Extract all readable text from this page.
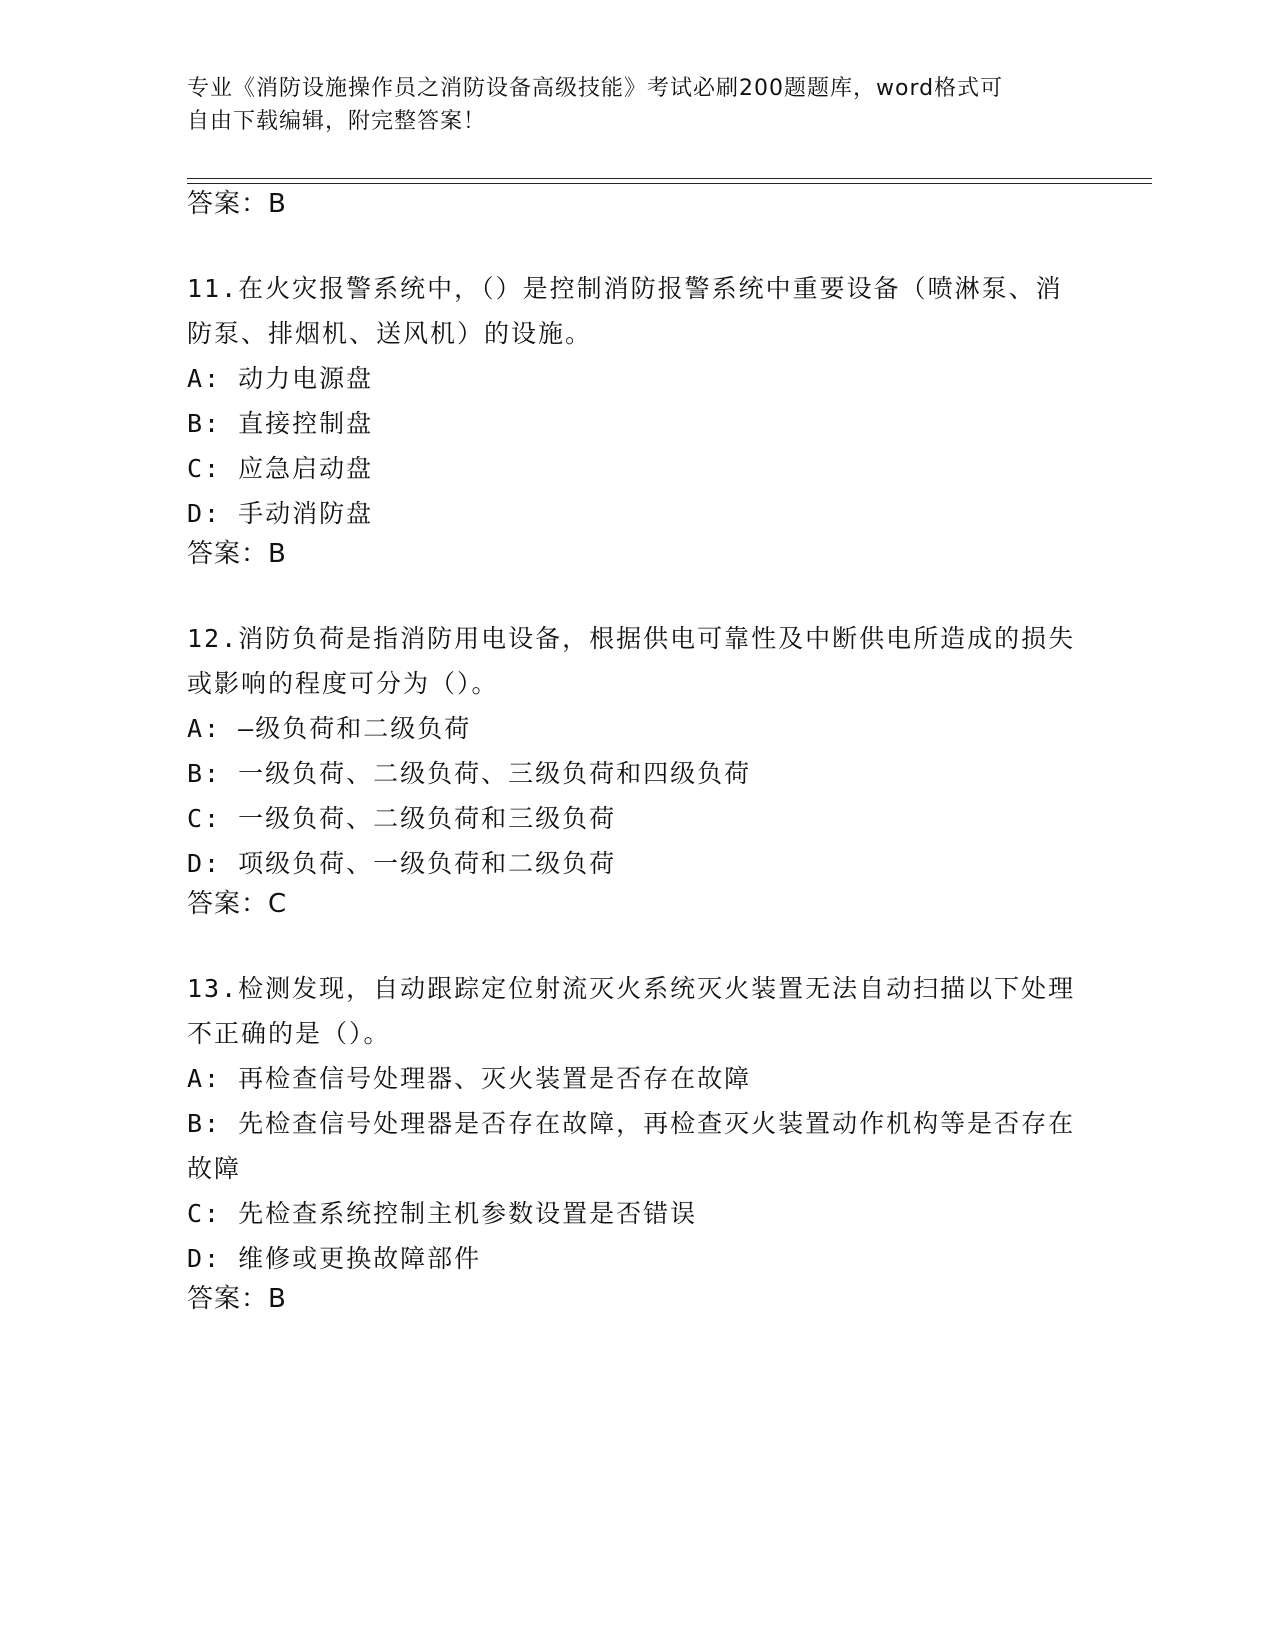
专业《消防设施操作员之消防设备高级技能》考试必刷200题题库，word格式可
自由下载编辑，附完整答案！
答案：B
11.在火灾报警系统中，（）是控制消防报警系统中重要设备（喷淋泵、消防泵、排烟机、送风机）的设施。
A: 动力电源盘
B: 直接控制盘
C: 应急启动盘
D: 手动消防盘
答案：B
12.消防负荷是指消防用电设备，根据供电可靠性及中断供电所造成的损失或影响的程度可分为（）。
A: —级负荷和二级负荷
B: 一级负荷、二级负荷、三级负荷和四级负荷
C: 一级负荷、二级负荷和三级负荷
D: 项级负荷、一级负荷和二级负荷
答案：C
13.检测发现，自动跟踪定位射流灭火系统灭火装置无法自动扫描以下处理不正确的是（）。
A: 再检查信号处理器、灭火装置是否存在故障
B: 先检查信号处理器是否存在故障，再检查灭火装置动作机构等是否存在故障
C: 先检查系统控制主机参数设置是否错误
D: 维修或更换故障部件
答案：B
